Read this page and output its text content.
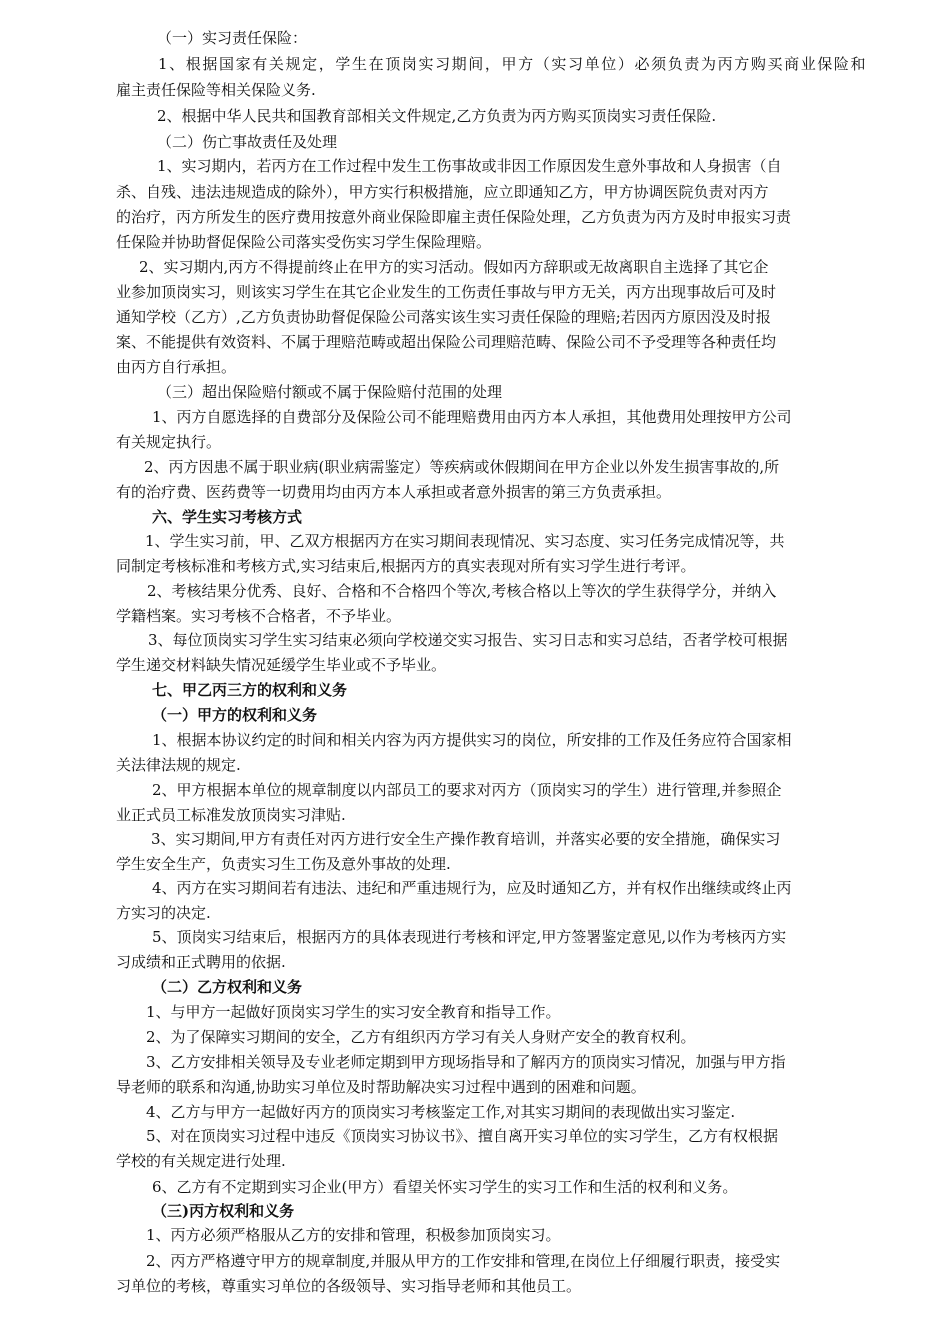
（一）实习责任保险：
1、根据国家有关规定，学生在顶岗实习期间，甲方（实习单位）必须负责为丙方购买商业保险和
雇主责任保险等相关保险义务.
2、根据中华人民共和国教育部相关文件规定,乙方负责为丙方购买顶岗实习责任保险.
（二）伤亡事故责任及处理
1、实习期内，若丙方在工作过程中发生工伤事故或非因工作原因发生意外事故和人身损害（自
杀、自残、违法违规造成的除外），甲方实行积极措施，应立即通知乙方，甲方协调医院负责对丙方
的治疗，丙方所发生的医疗费用按意外商业保险即雇主责任保险处理，乙方负责为丙方及时申报实习责
任保险并协助督促保险公司落实受伤实习学生保险理赔。
2、实习期内,丙方不得提前终止在甲方的实习活动。假如丙方辞职或无故离职自主选择了其它企
业参加顶岗实习，则该实习学生在其它企业发生的工伤责任事故与甲方无关，丙方出现事故后可及时
通知学校（乙方）,乙方负责协助督促保险公司落实该生实习责任保险的理赔;若因丙方原因没及时报
案、不能提供有效资料、不属于理赔范畴或超出保险公司理赔范畴、保险公司不予受理等各种责任均
由丙方自行承担。
（三）超出保险赔付额或不属于保险赔付范围的处理
1、丙方自愿选择的自费部分及保险公司不能理赔费用由丙方本人承担，其他费用处理按甲方公司
有关规定执行。
2、丙方因患不属于职业病(职业病需鉴定）等疾病或休假期间在甲方企业以外发生损害事故的,所
有的治疗费、医药费等一切费用均由丙方本人承担或者意外损害的第三方负责承担。
六、学生实习考核方式
1、学生实习前，甲、乙双方根据丙方在实习期间表现情况、实习态度、实习任务完成情况等，共
同制定考核标准和考核方式,实习结束后,根据丙方的真实表现对所有实习学生进行考评。
2、考核结果分优秀、良好、合格和不合格四个等次,考核合格以上等次的学生获得学分，并纳入
学籍档案。实习考核不合格者，不予毕业。
3、每位顶岗实习学生实习结束必须向学校递交实习报告、实习日志和实习总结，否者学校可根据
学生递交材料缺失情况延缓学生毕业或不予毕业。
七、甲乙丙三方的权利和义务
（一）甲方的权利和义务
1、根据本协议约定的时间和相关内容为丙方提供实习的岗位，所安排的工作及任务应符合国家相
关法律法规的规定.
2、甲方根据本单位的规章制度以内部员工的要求对丙方（顶岗实习的学生）进行管理,并参照企
业正式员工标准发放顶岗实习津贴.
3、实习期间,甲方有责任对丙方进行安全生产操作教育培训，并落实必要的安全措施，确保实习
学生安全生产，负责实习生工伤及意外事故的处理.
4、丙方在实习期间若有违法、违纪和严重违规行为，应及时通知乙方，并有权作出继续或终止丙
方实习的决定.
5、顶岗实习结束后，根据丙方的具体表现进行考核和评定,甲方签署鉴定意见,以作为考核丙方实
习成绩和正式聘用的依据.
（二）乙方权利和义务
1、与甲方一起做好顶岗实习学生的实习安全教育和指导工作。
2、为了保障实习期间的安全，乙方有组织丙方学习有关人身财产安全的教育权利。
3、乙方安排相关领导及专业老师定期到甲方现场指导和了解丙方的顶岗实习情况，加强与甲方指
导老师的联系和沟通,协助实习单位及时帮助解决实习过程中遇到的困难和问题。
4、乙方与甲方一起做好丙方的顶岗实习考核鉴定工作,对其实习期间的表现做出实习鉴定.
5、对在顶岗实习过程中违反《顶岗实习协议书》、擅自离开实习单位的实习学生，乙方有权根据
学校的有关规定进行处理.
6、乙方有不定期到实习企业(甲方）看望关怀实习学生的实习工作和生活的权利和义务。
（三)丙方权利和义务
1、丙方必须严格服从乙方的安排和管理，积极参加顶岗实习。
2、丙方严格遵守甲方的规章制度,并服从甲方的工作安排和管理,在岗位上仔细履行职责，接受实
习单位的考核，尊重实习单位的各级领导、实习指导老师和其他员工。
